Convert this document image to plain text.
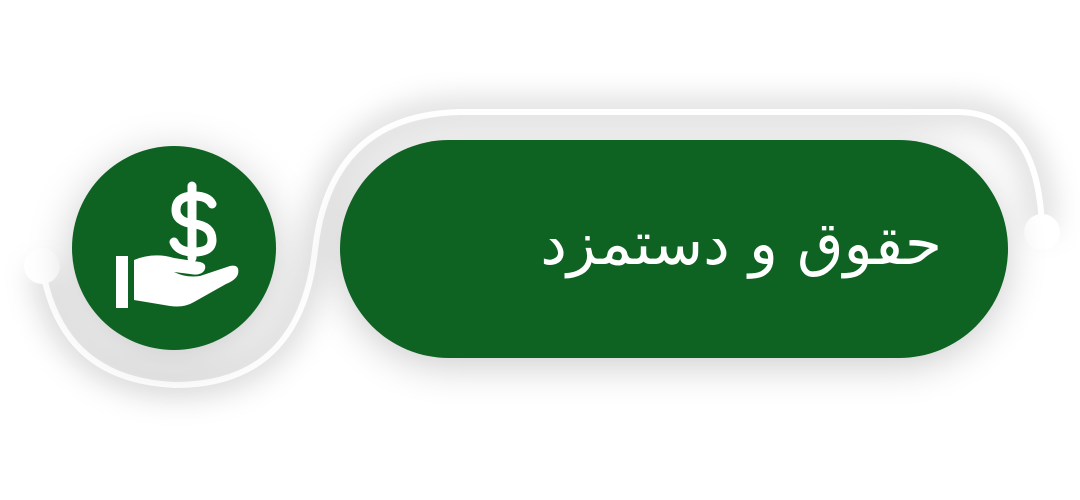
حقوق و دستمزد
